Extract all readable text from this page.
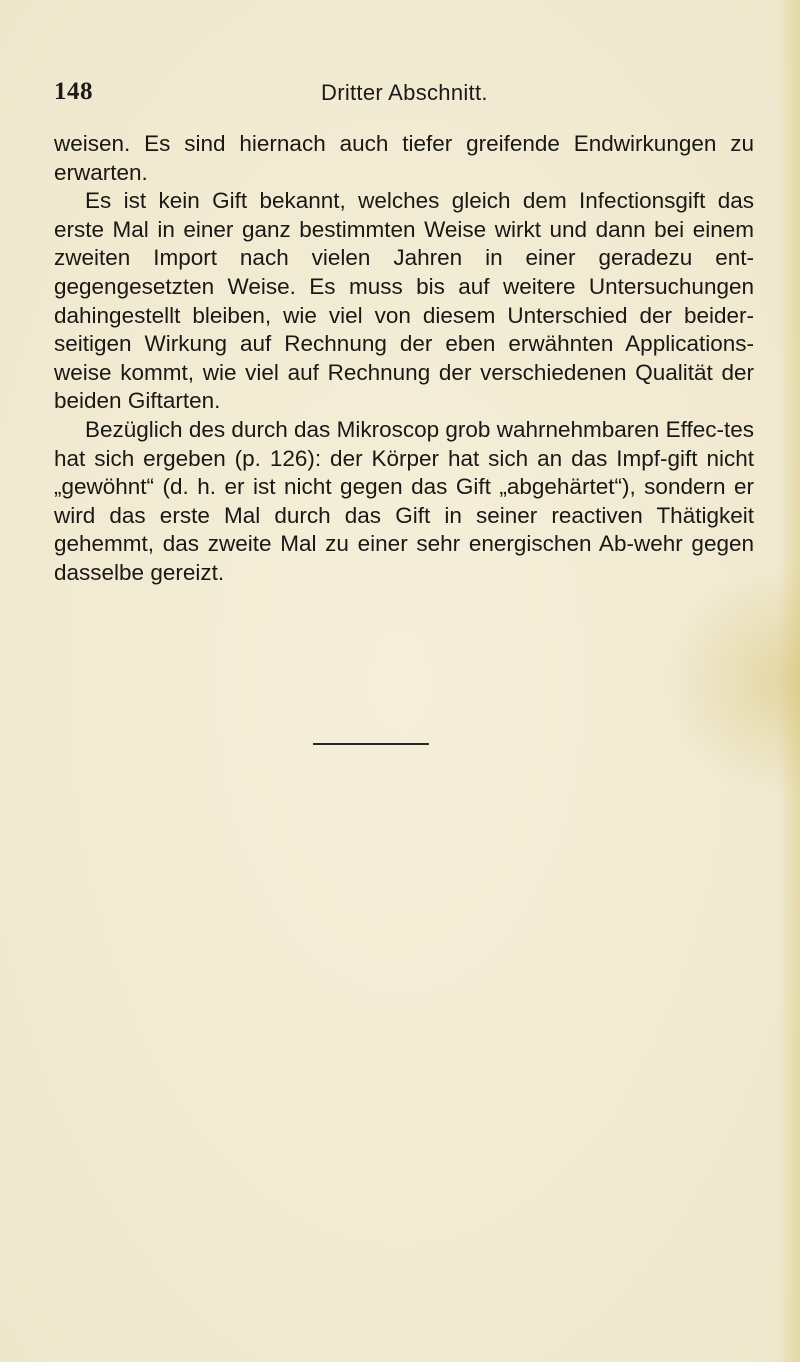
148	Dritter Abschnitt.

weisen. Es sind hiernach auch tiefer greifende Endwirkungen zu erwarten.

Es ist kein Gift bekannt, welches gleich dem Infectionsgift das erste Mal in einer ganz bestimmten Weise wirkt und dann bei einem zweiten Import nach vielen Jahren in einer geradezu ent-gegengesetzten Weise. Es muss bis auf weitere Untersuchungen dahingestellt bleiben, wie viel von diesem Unterschied der beider-seitigen Wirkung auf Rechnung der eben erwähnten Applications-weise kommt, wie viel auf Rechnung der verschiedenen Qualität der beiden Giftarten.

Bezüglich des durch das Mikroscop grob wahrnehmbaren Effec-tes hat sich ergeben (p. 126): der Körper hat sich an das Impf-gift nicht „gewöhnt“ (d. h. er ist nicht gegen das Gift „abgehärtet“), sondern er wird das erste Mal durch das Gift in seiner reactiven Thätigkeit gehemmt, das zweite Mal zu einer sehr energischen Ab-wehr gegen dasselbe gereizt.
